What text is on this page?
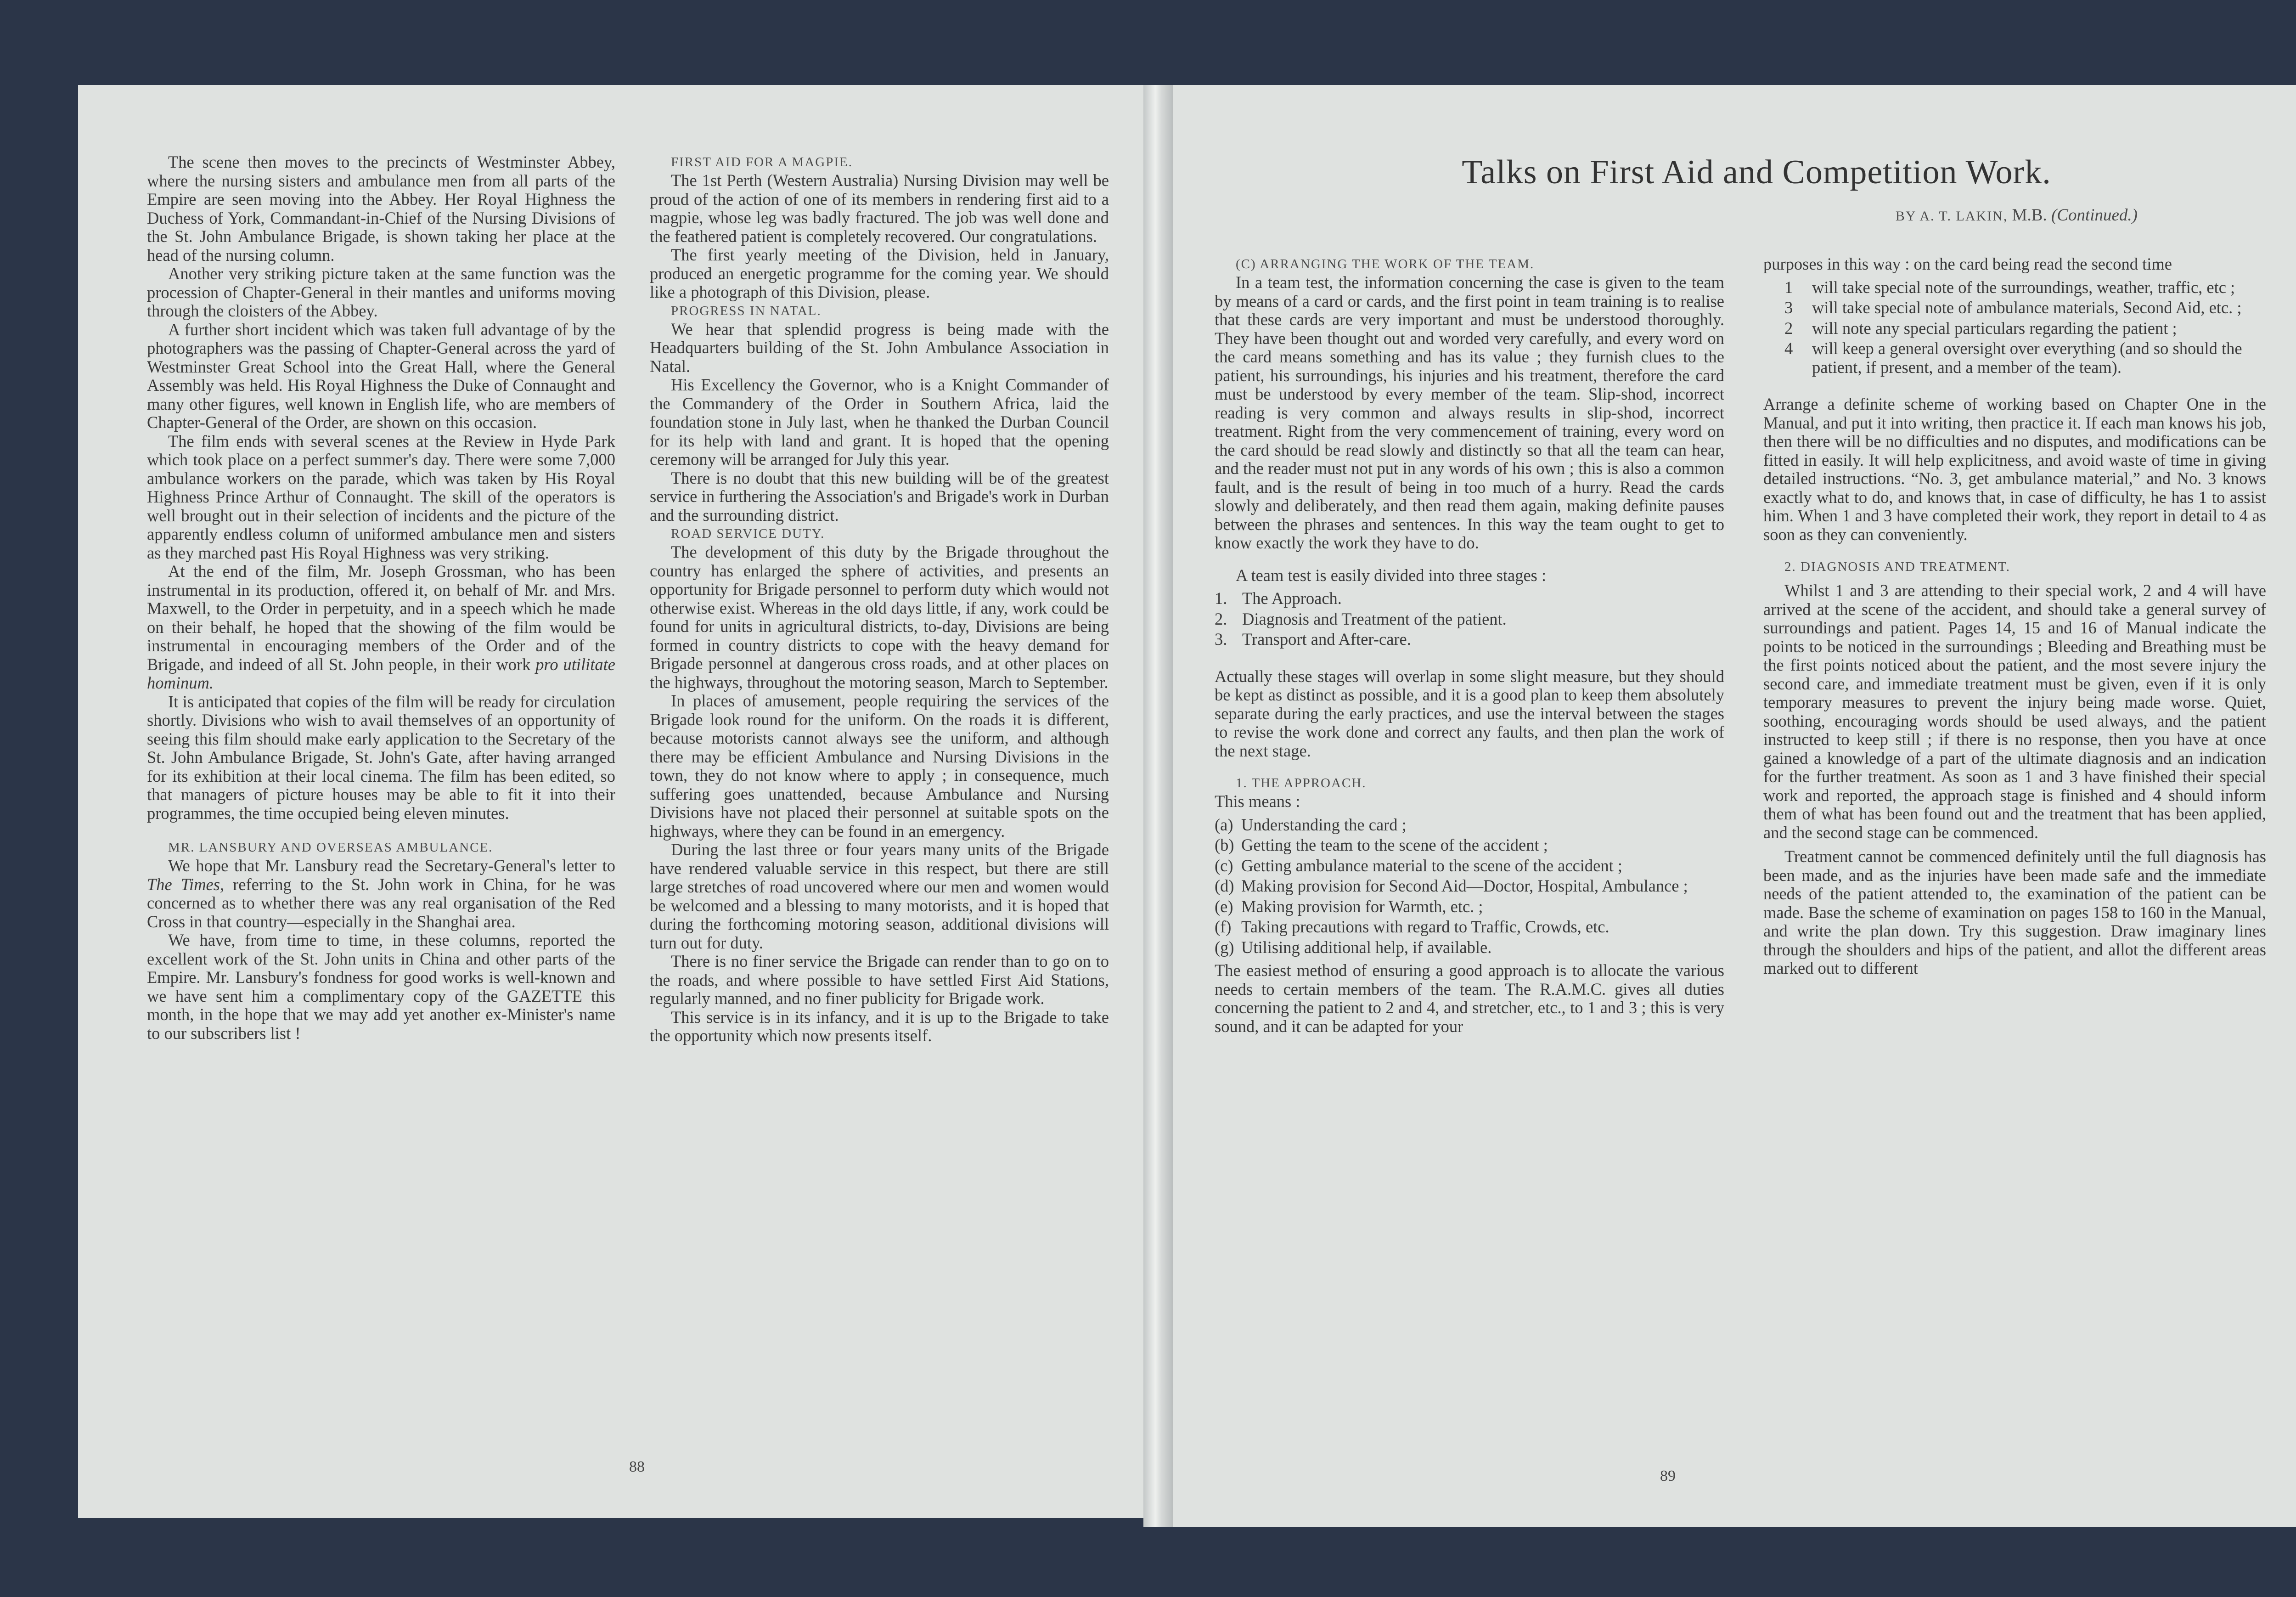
The scene then moves to the precincts of Westminster Abbey, where the nursing sisters and ambulance men from all parts of the Empire are seen moving into the Abbey. Her Royal Highness the Duchess of York, Commandant-in-Chief of the Nursing Divisions of the St. John Ambulance Brigade, is shown taking her place at the head of the nursing column.

Another very striking picture taken at the same function was the procession of Chapter-General in their mantles and uniforms moving through the cloisters of the Abbey.

A further short incident which was taken full advantage of by the photographers was the passing of Chapter-General across the yard of Westminster Great School into the Great Hall, where the General Assembly was held. His Royal Highness the Duke of Connaught and many other figures, well known in English life, who are members of Chapter-General of the Order, are shown on this occasion.

The film ends with several scenes at the Review in Hyde Park which took place on a perfect summer's day. There were some 7,000 ambulance workers on the parade, which was taken by His Royal Highness Prince Arthur of Connaught. The skill of the operators is well brought out in their selection of incidents and the picture of the apparently endless column of uniformed ambulance men and sisters as they marched past His Royal Highness was very striking.

At the end of the film, Mr. Joseph Grossman, who has been instrumental in its production, offered it, on behalf of Mr. and Mrs. Maxwell, to the Order in perpetuity, and in a speech which he made on their behalf, he hoped that the showing of the film would be instrumental in encouraging members of the Order and of the Brigade, and indeed of all St. John people, in their work pro utilitate hominum.

It is anticipated that copies of the film will be ready for circulation shortly. Divisions who wish to avail themselves of an opportunity of seeing this film should make early application to the Secretary of the St. John Ambulance Brigade, St. John's Gate, after having arranged for its exhibition at their local cinema. The film has been edited, so that managers of picture houses may be able to fit it into their programmes, the time occupied being eleven minutes.

MR. LANSBURY AND OVERSEAS AMBULANCE.

We hope that Mr. Lansbury read the Secretary-General's letter to The Times, referring to the St. John work in China, for he was concerned as to whether there was any real organisation of the Red Cross in that country—especially in the Shanghai area.

We have, from time to time, in these columns, reported the excellent work of the St. John units in China and other parts of the Empire. Mr. Lansbury's fondness for good works is well-known and we have sent him a complimentary copy of the GAZETTE this month, in the hope that we may add yet another ex-Minister's name to our subscribers list !

FIRST AID FOR A MAGPIE.

The 1st Perth (Western Australia) Nursing Division may well be proud of the action of one of its members in rendering first aid to a magpie, whose leg was badly fractured. The job was well done and the feathered patient is completely recovered. Our congratulations.

The first yearly meeting of the Division, held in January, produced an energetic programme for the coming year. We should like a photograph of this Division, please.

PROGRESS IN NATAL.

We hear that splendid progress is being made with the Headquarters building of the St. John Ambulance Association in Natal.

His Excellency the Governor, who is a Knight Commander of the Commandery of the Order in Southern Africa, laid the foundation stone in July last, when he thanked the Durban Council for its help with land and grant. It is hoped that the opening ceremony will be arranged for July this year.

There is no doubt that this new building will be of the greatest service in furthering the Association's and Brigade's work in Durban and the surrounding district.

ROAD SERVICE DUTY.

The development of this duty by the Brigade throughout the country has enlarged the sphere of activities, and presents an opportunity for Brigade personnel to perform duty which would not otherwise exist. Whereas in the old days little, if any, work could be found for units in agricultural districts, to-day, Divisions are being formed in country districts to cope with the heavy demand for Brigade personnel at dangerous cross roads, and at other places on the highways, throughout the motoring season, March to September.

In places of amusement, people requiring the services of the Brigade look round for the uniform. On the roads it is different, because motorists cannot always see the uniform, and although there may be efficient Ambulance and Nursing Divisions in the town, they do not know where to apply ; in consequence, much suffering goes unattended, because Ambulance and Nursing Divisions have not placed their personnel at suitable spots on the highways, where they can be found in an emergency.

During the last three or four years many units of the Brigade have rendered valuable service in this respect, but there are still large stretches of road uncovered where our men and women would be welcomed and a blessing to many motorists, and it is hoped that during the forthcoming motoring season, additional divisions will turn out for duty.

There is no finer service the Brigade can render than to go on to the roads, and where possible to have settled First Aid Stations, regularly manned, and no finer publicity for Brigade work.

This service is in its infancy, and it is up to the Brigade to take the opportunity which now presents itself.

88
Talks on First Aid and Competition Work.
BY A. T. LAKIN, M.B. (Continued.)

(C) ARRANGING THE WORK OF THE TEAM.

In a team test, the information concerning the case is given to the team by means of a card or cards, and the first point in team training is to realise that these cards are very important and must be understood thoroughly. They have been thought out and worded very carefully, and every word on the card means something and has its value ; they furnish clues to the patient, his surroundings, his injuries and his treatment, therefore the card must be understood by every member of the team. Slip-shod, incorrect reading is very common and always results in slip-shod, incorrect treatment. Right from the very commencement of training, every word on the card should be read slowly and distinctly so that all the team can hear, and the reader must not put in any words of his own ; this is also a common fault, and is the result of being in too much of a hurry. Read the cards slowly and deliberately, and then read them again, making definite pauses between the phrases and sentences. In this way the team ought to get to know exactly the work they have to do.

A team test is easily divided into three stages :

1. The Approach.
2. Diagnosis and Treatment of the patient.
3. Transport and After-care.

Actually these stages will overlap in some slight measure, but they should be kept as distinct as possible, and it is a good plan to keep them absolutely separate during the early practices, and use the interval between the stages to revise the work done and correct any faults, and then plan the work of the next stage.

1. THE APPROACH.

This means :

(a) Understanding the card ;
(b) Getting the team to the scene of the accident ;
(c) Getting ambulance material to the scene of the accident ;
(d) Making provision for Second Aid—Doctor, Hospital, Ambulance ;
(e) Making provision for Warmth, etc. ;
(f) Taking precautions with regard to Traffic, Crowds, etc.
(g) Utilising additional help, if available.

The easiest method of ensuring a good approach is to allocate the various needs to certain members of the team. The R.A.M.C. gives all duties concerning the patient to 2 and 4, and stretcher, etc., to 1 and 3 ; this is very sound, and it can be adapted for your

purposes in this way : on the card being read the second time

1	will take special note of the surroundings, weather, traffic, etc ;
3	will take special note of ambulance materials, Second Aid, etc. ;
2	will note any special particulars regarding the patient ;
4	will keep a general oversight over everything (and so should the patient, if present, and a member of the team).

Arrange a definite scheme of working based on Chapter One in the Manual, and put it into writing, then practice it. If each man knows his job, then there will be no difficulties and no disputes, and modifications can be fitted in easily. It will help explicitness, and avoid waste of time in giving detailed instructions. “No. 3, get ambulance material,” and No. 3 knows exactly what to do, and knows that, in case of difficulty, he has 1 to assist him. When 1 and 3 have completed their work, they report in detail to 4 as soon as they can conveniently.

2. DIAGNOSIS AND TREATMENT.

Whilst 1 and 3 are attending to their special work, 2 and 4 will have arrived at the scene of the accident, and should take a general survey of surroundings and patient. Pages 14, 15 and 16 of Manual indicate the points to be noticed in the surroundings ; Bleeding and Breathing must be the first points noticed about the patient, and the most severe injury the second care, and immediate treatment must be given, even if it is only temporary measures to prevent the injury being made worse. Quiet, soothing, encouraging words should be used always, and the patient instructed to keep still ; if there is no response, then you have at once gained a knowledge of a part of the ultimate diagnosis and an indication for the further treatment. As soon as 1 and 3 have finished their special work and reported, the approach stage is finished and 4 should inform them of what has been found out and the treatment that has been applied, and the second stage can be commenced.

Treatment cannot be commenced definitely until the full diagnosis has been made, and as the injuries have been made safe and the immediate needs of the patient attended to, the examination of the patient can be made. Base the scheme of examination on pages 158 to 160 in the Manual, and write the plan down. Try this suggestion. Draw imaginary lines through the shoulders and hips of the patient, and allot the different areas marked out to different

89
